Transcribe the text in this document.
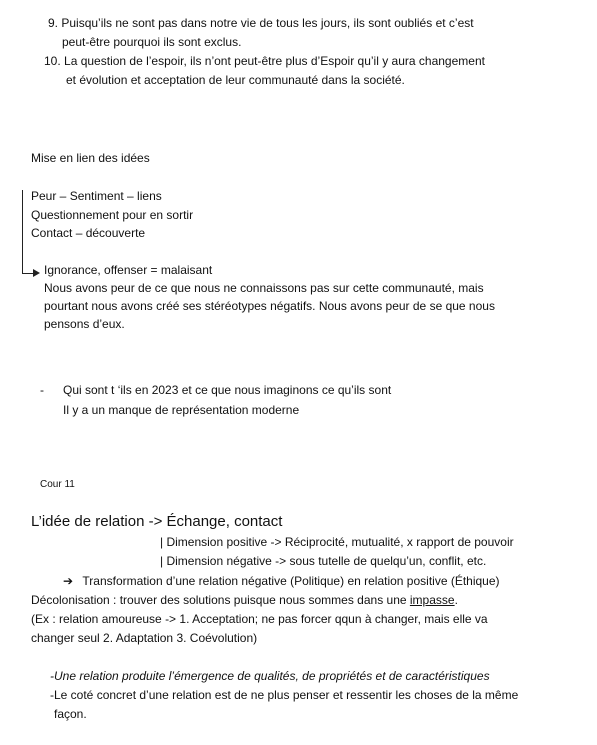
9. Puisqu’ils ne sont pas dans notre vie de tous les jours, ils sont oubliés et c’est
peut-être pourquoi ils sont exclus.
10. La question de l’espoir, ils n’ont peut-être plus d’Espoir qu’il y aura changement
et évolution et acceptation de leur communauté dans la société.
Mise en lien des idées
Peur – Sentiment – liens
Questionnement pour en sortir
Contact – découverte
Ignorance, offenser = malaisant
Nous avons peur de ce que nous ne connaissons pas sur cette communauté, mais
pourtant nous avons créé ses stéréotypes négatifs. Nous avons peur de se que nous
pensons d’eux.
- Qui sont t ‘ils en 2023 et ce que nous imaginons ce qu’ils sont
Il y a un manque de représentation moderne
Cour 11
L’idée de relation -> Échange, contact
| Dimension positive -> Réciprocité, mutualité, x rapport de pouvoir
| Dimension négative -> sous tutelle de quelqu’un, conflit, etc.
➔ Transformation d’une relation négative (Politique) en relation positive (Éthique)
Décolonisation : trouver des solutions puisque nous sommes dans une impasse.
(Ex : relation amoureuse -> 1. Acceptation; ne pas forcer qqun à changer, mais elle va
changer seul 2. Adaptation 3. Coévolution)
-Une relation produite l’émergence de qualités, de propriétés et de caractéristiques
-Le coté concret d’une relation est de ne plus penser et ressentir les choses de la même
façon.
